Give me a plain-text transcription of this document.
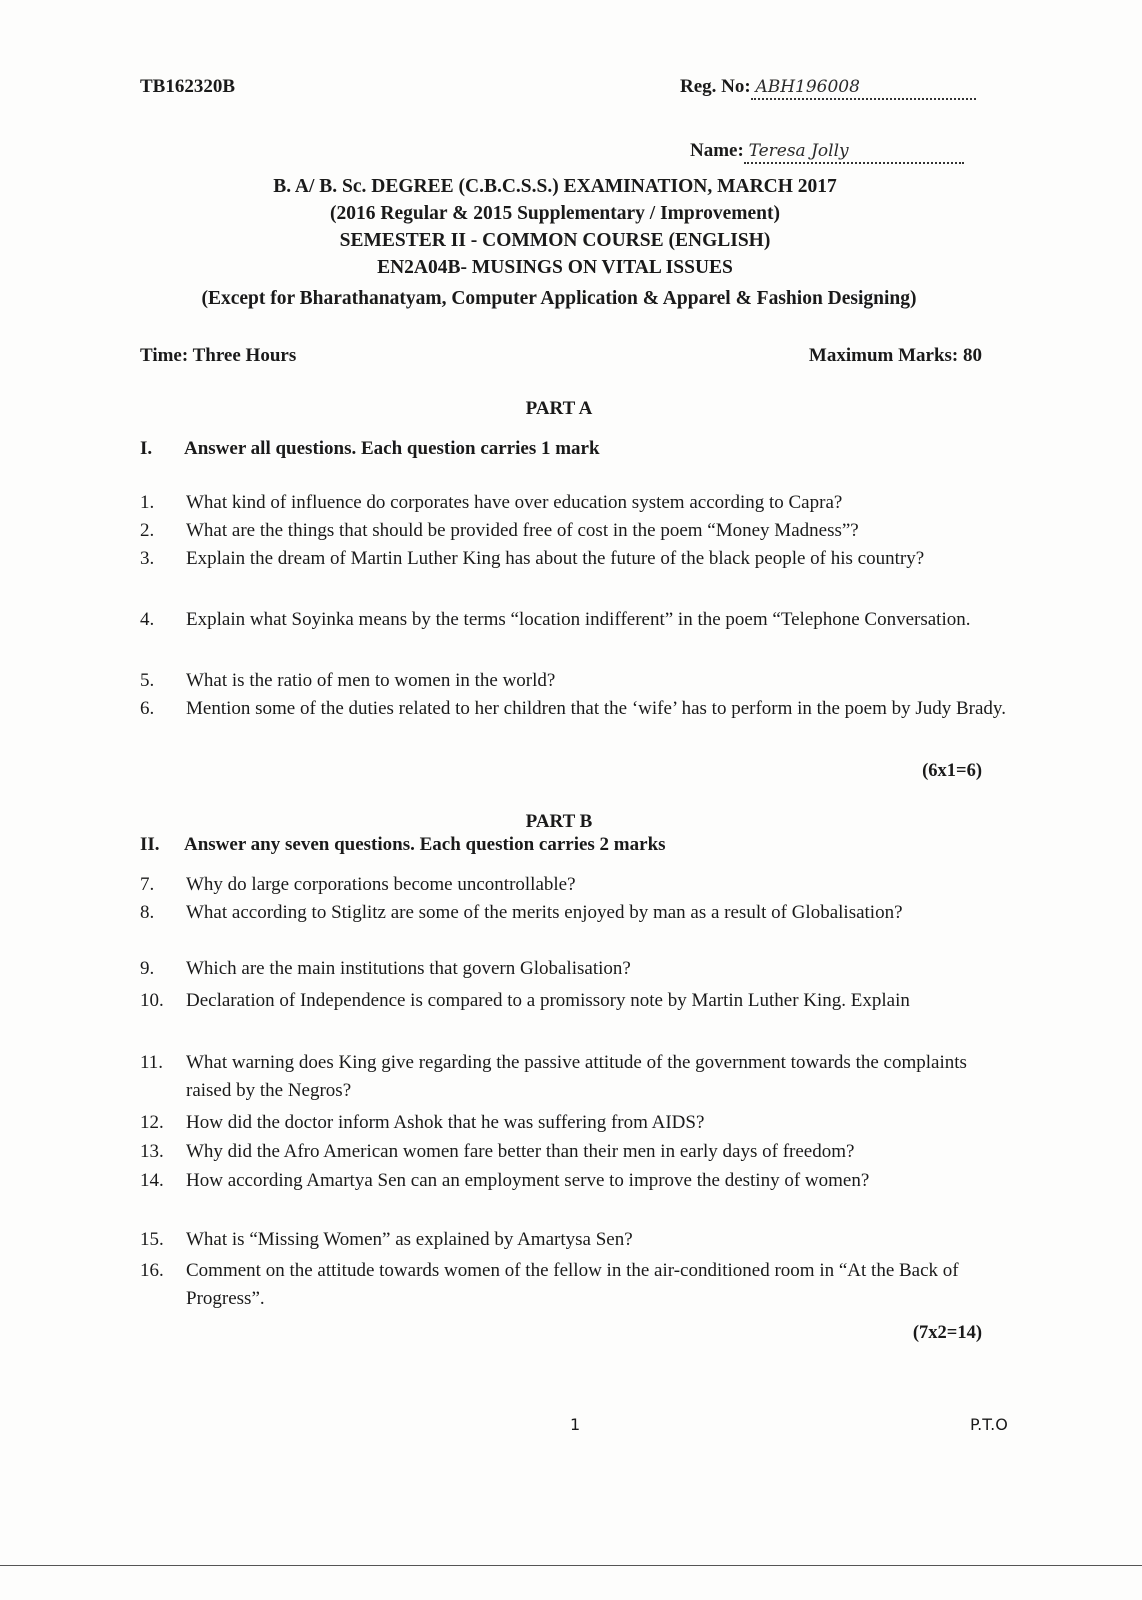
TB162320B	Reg. No: ABH196008
Name: Teresa Jolly
B. A/ B. Sc. DEGREE (C.B.C.S.S.) EXAMINATION, MARCH 2017
(2016 Regular & 2015 Supplementary / Improvement)
SEMESTER II - COMMON COURSE (ENGLISH)
EN2A04B- MUSINGS ON VITAL ISSUES
(Except for Bharathanatyam, Computer Application & Apparel & Fashion Designing)
Time: Three Hours	Maximum Marks: 80
PART A
I. Answer all questions. Each question carries 1 mark
1.	What kind of influence do corporates have over education system according to Capra?
2.	What are the things that should be provided free of cost in the poem “Money Madness”?
3.	Explain the dream of Martin Luther King has about the future of the black people of his country?
4.	Explain what Soyinka means by the terms “location indifferent” in the poem “Telephone Conversation.
5.	What is the ratio of men to women in the world?
6.	Mention some of the duties related to her children that the ‘wife’ has to perform in the poem by Judy Brady.
(6x1=6)
PART B
II. Answer any seven questions. Each question carries 2 marks
7.	Why do large corporations become uncontrollable?
8.	What according to Stiglitz are some of the merits enjoyed by man as a result of Globalisation?
9.	Which are the main institutions that govern Globalisation?
10.	Declaration of Independence is compared to a promissory note by Martin Luther King. Explain
11.	What warning does King give regarding the passive attitude of the government towards the complaints raised by the Negros?
12.	How did the doctor inform Ashok that he was suffering from AIDS?
13.	Why did the Afro American women fare better than their men in early days of freedom?
14.	How according Amartya Sen can an employment serve to improve the destiny of women?
15.	What is “Missing Women” as explained by Amartysa Sen?
16.	Comment on the attitude towards women of the fellow in the air-conditioned room in “At the Back of Progress”.
(7x2=14)
1	P.T.O
